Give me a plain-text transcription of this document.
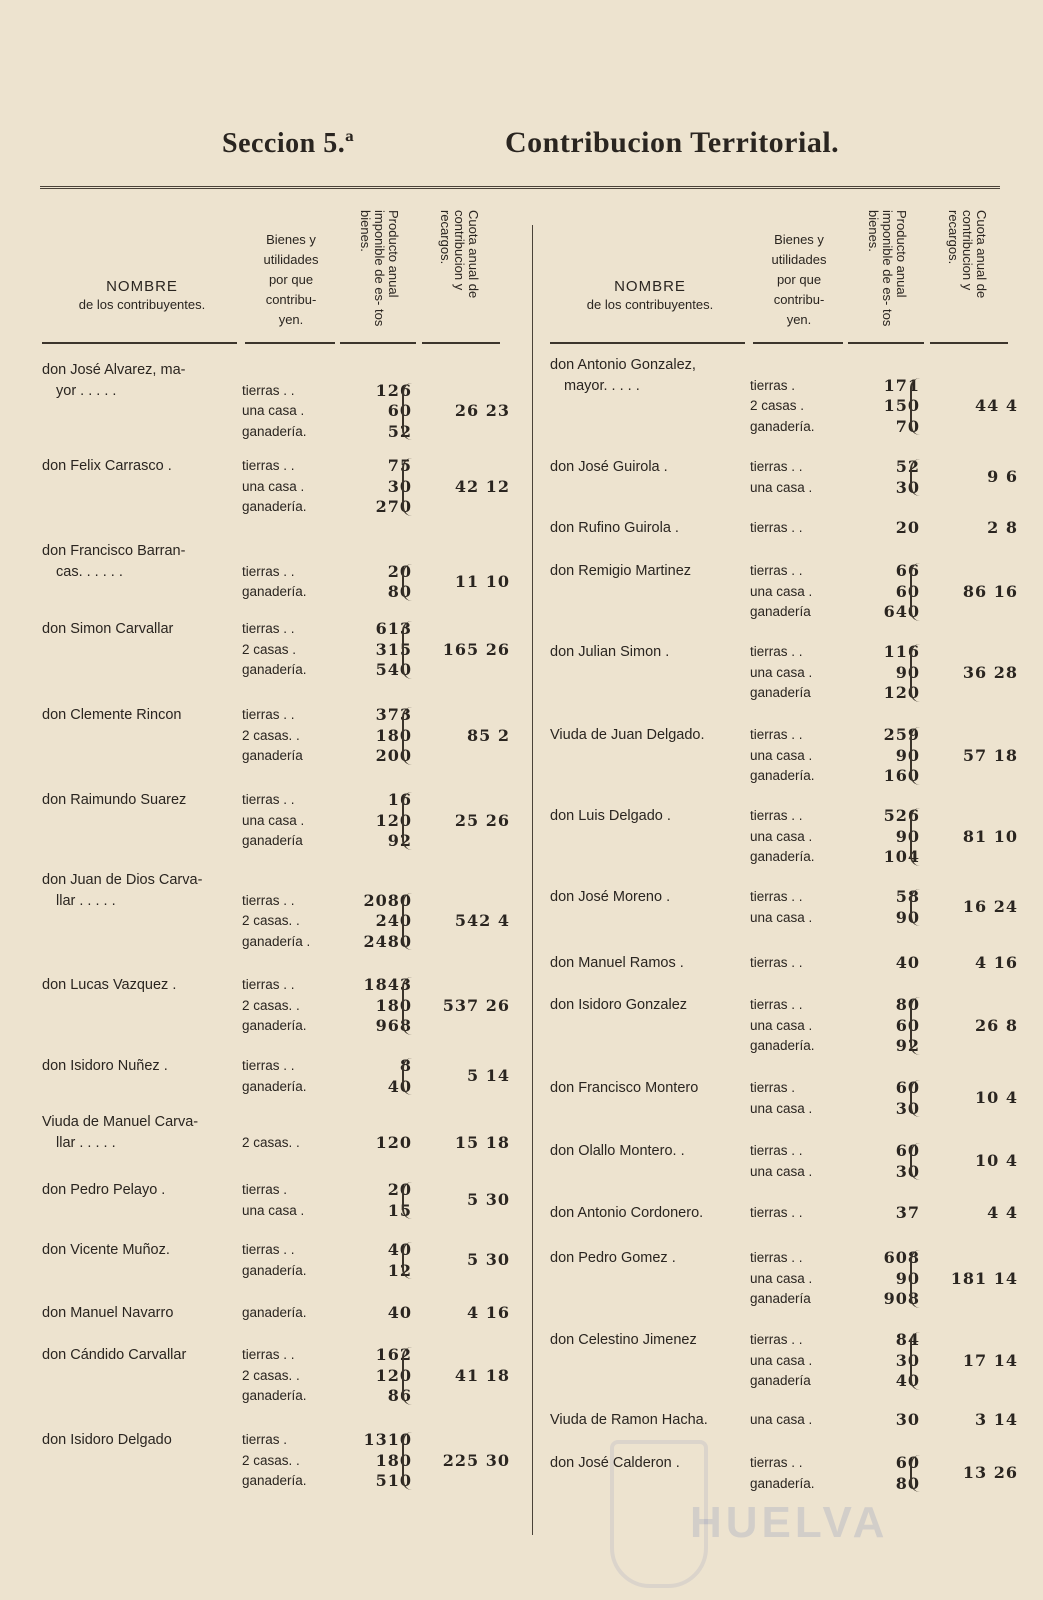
Seccion 5.ª	Contribucion Territorial.
NOMBRE
de los contribuyentes.
Bienes y
utilidades
por que
contribu-
yen.
Producto anual imponible de es- tos bienes.	Cuota anual de contribucion y recargos.
don José Alvarez, ma-
yor . . . . .	tierras . .	126
una casa .	60
ganadería.	52
26 23
don Felix Carrasco .	tierras . .	75
una casa .	30
ganadería.	270
42 12
don Francisco Barran-
cas. . . . . .	tierras . .	20
ganadería.	80
11 10
don Simon Carvallar	tierras . .	613
2 casas .	315
ganadería.	540
165 26
don Clemente Rincon	tierras . .	373
2 casas. .	180
ganadería	200
85 2
don Raimundo Suarez	tierras . .	16
una casa .	120
ganadería	92
25 26
don Juan de Dios Carva-
llar . . . . .	tierras . .	2080
2 casas. .	240
ganadería .	2480
542 4
don Lucas Vazquez .	tierras . .	1843
2 casas. .	180
ganadería.	968
537 26
don Isidoro Nuñez .	tierras . .	8
ganadería.	40
5 14
Viuda de Manuel Carva-
llar . . . . .	2 casas. .	120	15 18
don Pedro Pelayo .	tierras .	20
una casa .	15
5 30
don Vicente Muñoz.	tierras . .	40
ganadería.	12
5 30
don Manuel Navarro	ganadería.	40	4 16
don Cándido Carvallar	tierras . .	162
2 casas. .	120
ganadería.	86
41 18
don Isidoro Delgado	tierras .	1310
2 casas. .	180
ganadería.	510
225 30
NOMBRE
de los contribuyentes.
Bienes y
utilidades
por que
contribu-
yen.
Producto anual imponible de es- tos bienes.	Cuota anual de contribucion y recargos.
don Antonio Gonzalez,
mayor. . . . .	tierras .	171
2 casas .	150
ganadería.	70
44 4
don José Guirola .	tierras . .	52
una casa .	30
9 6
don Rufino Guirola .	tierras . .	20	2 8
don Remigio Martinez	tierras . .	66
una casa .	60
ganadería	640
86 16
don Julian Simon .	tierras . .	116
una casa .	90
ganadería	120
36 28
Viuda de Juan Delgado.	tierras . .	259
una casa .	90
ganadería.	160
57 18
don Luis Delgado .	tierras . .	526
una casa .	90
ganadería.	104
81 10
don José Moreno .	tierras . .	58
una casa .	90
16 24
don Manuel Ramos .	tierras . .	40	4 16
don Isidoro Gonzalez	tierras . .	80
una casa .	60
ganadería.	92
26 8
don Francisco Montero	tierras .	60
una casa .	30
10 4
don Olallo Montero. .	tierras . .	60
una casa .	30
10 4
don Antonio Cordonero.	tierras . .	37	4 4
don Pedro Gomez .	tierras . .	608
una casa .	90
ganadería	908
181 14
don Celestino Jimenez	tierras . .	84
una casa .	30
ganadería	40
17 14
Viuda de Ramon Hacha.	una casa .	30	3 14
don José Calderon .	tierras . .	60
ganadería.	80
13 26
HUELVA
